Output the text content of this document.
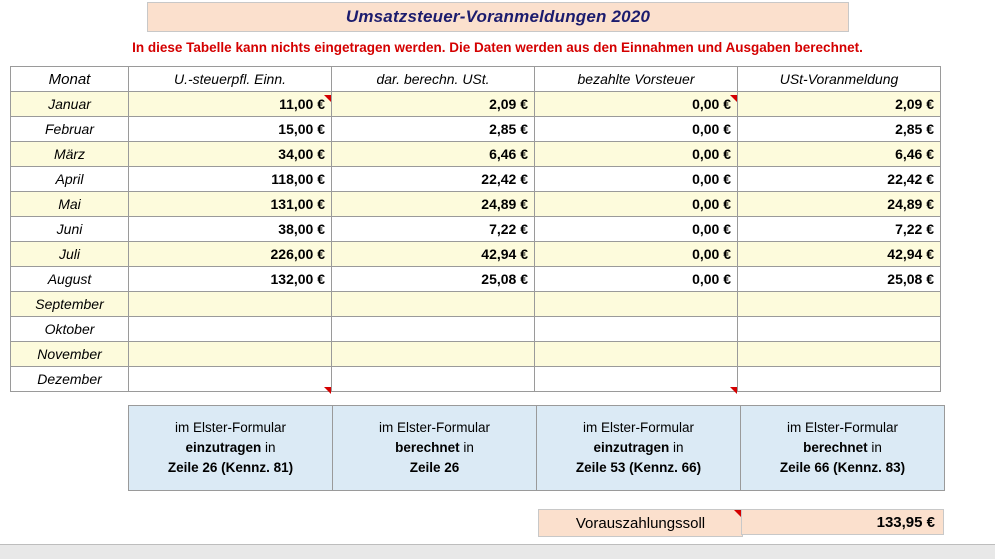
Umsatzsteuer-Voranmeldungen 2020
In diese Tabelle kann nichts eingetragen werden. Die Daten werden aus den Einnahmen und Ausgaben berechnet.
Monat	U.-steuerpfl. Einn.	dar. berechn. USt.	bezahlte Vorsteuer	USt-Voranmeldung
Januar	11,00 €	2,09 €	0,00 €	2,09 €
Februar	15,00 €	2,85 €	0,00 €	2,85 €
März	34,00 €	6,46 €	0,00 €	6,46 €
April	118,00 €	22,42 €	0,00 €	22,42 €
Mai	131,00 €	24,89 €	0,00 €	24,89 €
Juni	38,00 €	7,22 €	0,00 €	7,22 €
Juli	226,00 €	42,94 €	0,00 €	42,94 €
August	132,00 €	25,08 €	0,00 €	25,08 €
September				
Oktober				
November				
Dezember				
im Elster-Formular
einzutragen in
Zeile 26 (Kennz. 81)
im Elster-Formular
berechnet in
Zeile 26
im Elster-Formular
einzutragen in
Zeile 53 (Kennz. 66)
im Elster-Formular
berechnet in
Zeile 66 (Kennz. 83)
Vorauszahlungssoll	133,95 €
